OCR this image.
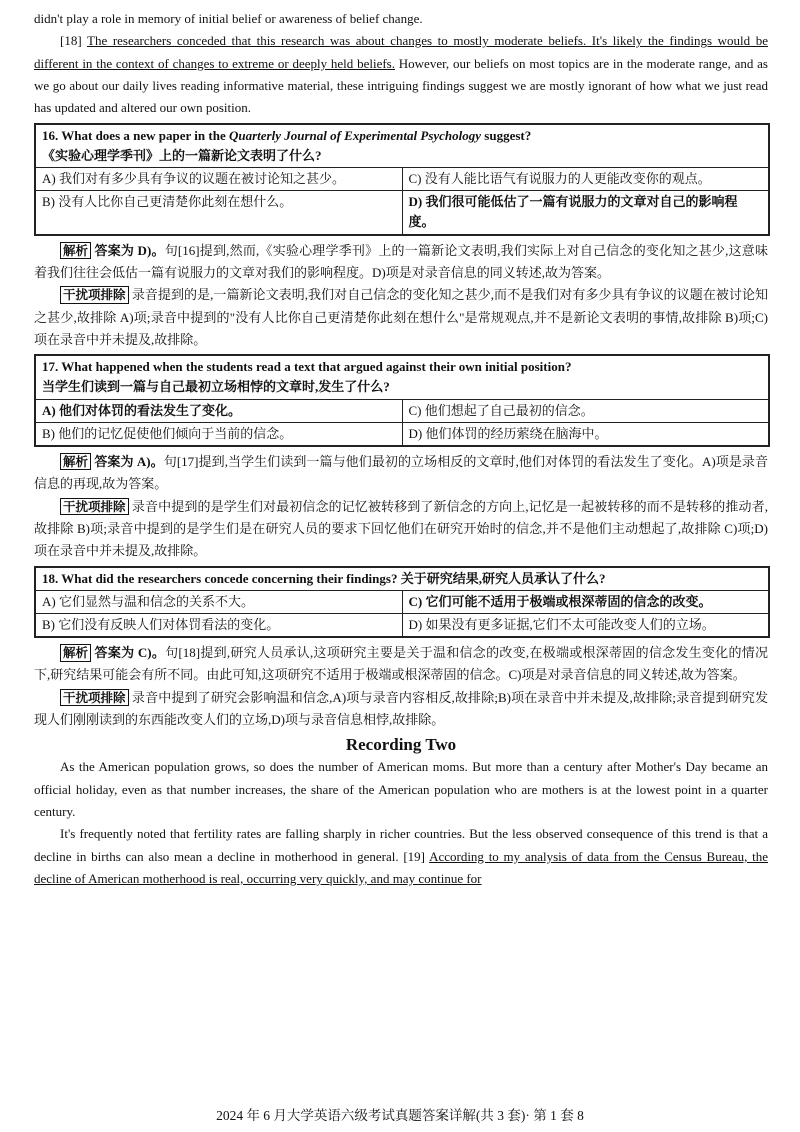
didn't play a role in memory of initial belief or awareness of belief change.

[18] The researchers conceded that this research was about changes to mostly moderate beliefs. It's likely the findings would be different in the context of changes to extreme or deeply held beliefs. However, our beliefs on most topics are in the moderate range, and as we go about our daily lives reading informative material, these intriguing findings suggest we are mostly ignorant of how what we just read has updated and altered our own position.

16. What does a new paper in the Quarterly Journal of Experimental Psychology suggest?
《实验心理学季刊》上的一篇新论文表明了什么?	

A) 我们对有多少具有争议的议题在被讨论知之甚少。	C) 没有人能比语气有说服力的人更能改变你的观点。
B) 没有人比你自己更清楚你此刻在想什么。	D) 我们很可能低估了一篇有说服力的文章对自己的影响程度。

解析 答案为 D)。句[16]提到,然而,《实验心理学季刊》上的一篇新论文表明,我们实际上对自己信念的变化知之甚少,这意味着我们往往会低估一篇有说服力的文章对我们的影响程度。D)项是对录音信息的同义转述,故为答案。

干扰项排除 录音提到的是,一篇新论文表明,我们对自己信念的变化知之甚少,而不是我们对有多少具有争议的议题在被讨论知之甚少,故排除 A)项;录音中提到的"没有人比你自己更清楚你此刻在想什么"是常规观点,并不是新论文表明的事情,故排除 B)项;C)项在录音中并未提及,故排除。

17. What happened when the students read a text that argued against their own initial position?
当学生们读到一篇与自己最初立场相悖的文章时,发生了什么?	

A) 他们对体罚的看法发生了变化。	C) 他们想起了自己最初的信念。
B) 他们的记忆促使他们倾向于当前的信念。	D) 他们体罚的经历萦绕在脑海中。

解析 答案为 A)。句[17]提到,当学生们读到一篇与他们最初的立场相反的文章时,他们对体罚的看法发生了变化。A)项是录音信息的再现,故为答案。

干扰项排除 录音中提到的是学生们对最初信念的记忆被转移到了新信念的方向上,记忆是一起被转移的而不是转移的推动者,故排除 B)项;录音中提到的是学生们是在研究人员的要求下回忆他们在研究开始时的信念,并不是他们主动想起了,故排除 C)项;D)项在录音中并未提及,故排除。

18. What did the researchers concede concerning their findings? 关于研究结果,研究人员承认了什么?	
A) 它们显然与温和信念的关系不大。	C) 它们可能不适用于极端或根深蒂固的信念的改变。
B) 它们没有反映人们对体罚看法的变化。	D) 如果没有更多证据,它们不太可能改变人们的立场。

解析 答案为 C)。句[18]提到,研究人员承认,这项研究主要是关于温和信念的改变,在极端或根深蒂固的信念发生变化的情况下,研究结果可能会有所不同。由此可知,这项研究不适用于极端或根深蒂固的信念。C)项是对录音信息的同义转述,故为答案。

干扰项排除 录音中提到了研究会影响温和信念,A)项与录音内容相反,故排除;B)项在录音中并未提及,故排除;录音提到研究发现人们刚刚读到的东西能改变人们的立场,D)项与录音信息相悖,故排除。

Recording Two

As the American population grows, so does the number of American moms. But more than a century after Mother's Day became an official holiday, even as that number increases, the share of the American population who are mothers is at the lowest point in a quarter century.

It's frequently noted that fertility rates are falling sharply in richer countries. But the less observed consequence of this trend is that a decline in births can also mean a decline in motherhood in general. [19] According to my analysis of data from the Census Bureau, the decline of American motherhood is real, occurring very quickly, and may continue for

2024 年 6 月大学英语六级考试真题答案详解(共 3 套)· 第 1 套 8
